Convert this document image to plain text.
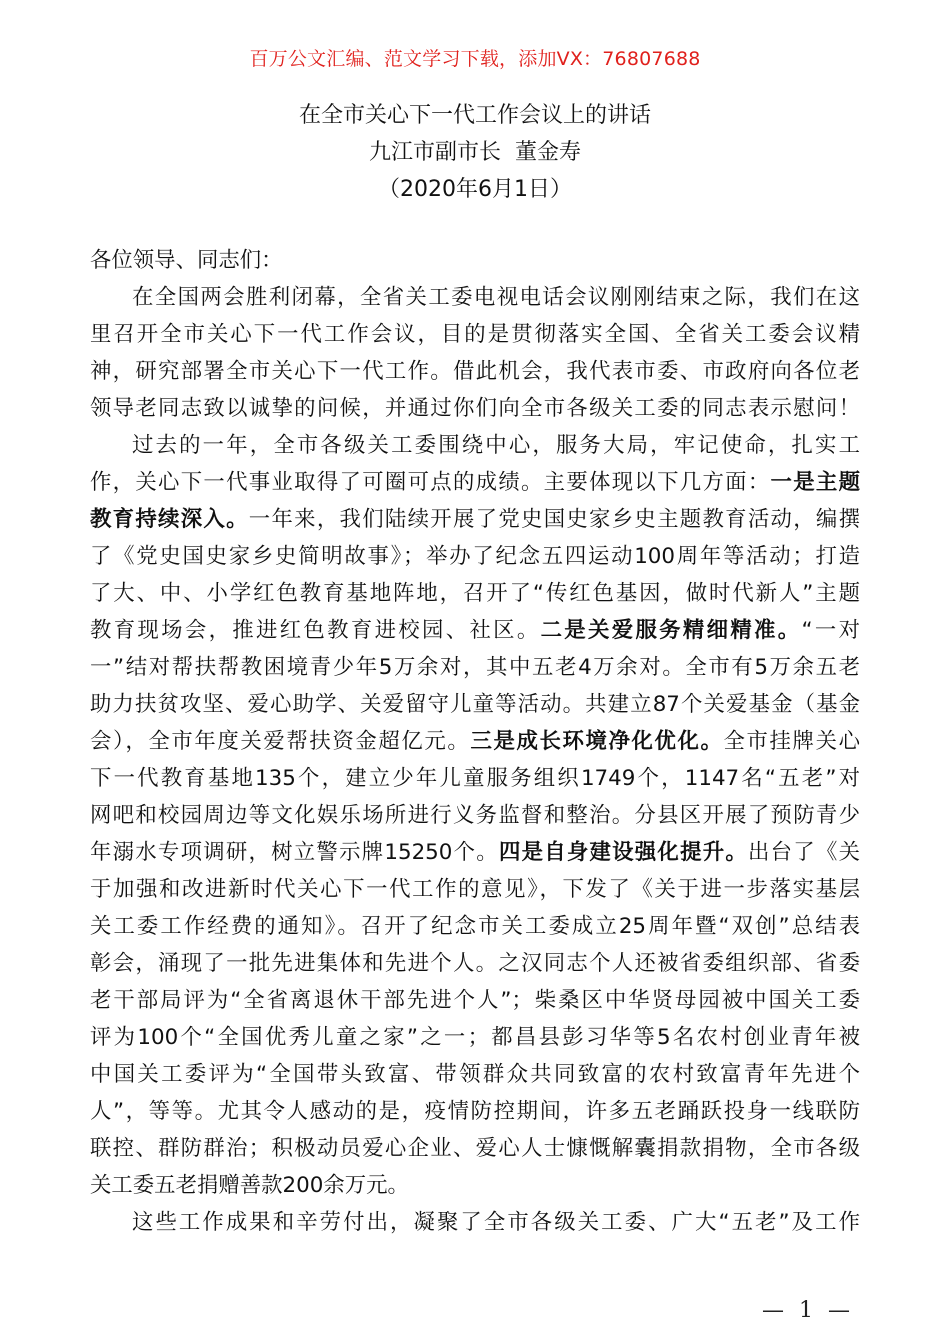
百万公文汇编、范文学习下载，添加VX：76807688
在全市关心下一代工作会议上的讲话
九江市副市长  董金寿
（2020年6月1日）
各位领导、同志们：
在全国两会胜利闭幕，全省关工委电视电话会议刚刚结束之际，我们在这
里召开全市关心下一代工作会议，目的是贯彻落实全国、全省关工委会议精
神，研究部署全市关心下一代工作。借此机会，我代表市委、市政府向各位老
领导老同志致以诚挚的问候，并通过你们向全市各级关工委的同志表示慰问！
过去的一年，全市各级关工委围绕中心，服务大局，牢记使命，扎实工
作，关心下一代事业取得了可圈可点的成绩。主要体现以下几方面：一是主题
教育持续深入。一年来，我们陆续开展了党史国史家乡史主题教育活动，编撰
了《党史国史家乡史简明故事》；举办了纪念五四运动100周年等活动；打造
了大、中、小学红色教育基地阵地，召开了“传红色基因，做时代新人”主题
教育现场会，推进红色教育进校园、社区。二是关爱服务精细精准。“一对
一”结对帮扶帮教困境青少年5万余对，其中五老4万余对。全市有5万余五老
助力扶贫攻坚、爱心助学、关爱留守儿童等活动。共建立87个关爱基金（基金
会），全市年度关爱帮扶资金超亿元。三是成长环境净化优化。全市挂牌关心
下一代教育基地135个，建立少年儿童服务组织1749个，1147名“五老”对
网吧和校园周边等文化娱乐场所进行义务监督和整治。分县区开展了预防青少
年溺水专项调研，树立警示牌15250个。四是自身建设强化提升。出台了《关
于加强和改进新时代关心下一代工作的意见》，下发了《关于进一步落实基层
关工委工作经费的通知》。召开了纪念市关工委成立25周年暨“双创”总结表
彰会，涌现了一批先进集体和先进个人。之汉同志个人还被省委组织部、省委
老干部局评为“全省离退休干部先进个人”；柴桑区中华贤母园被中国关工委
评为100个“全国优秀儿童之家”之一；都昌县彭习华等5名农村创业青年被
中国关工委评为“全国带头致富、带领群众共同致富的农村致富青年先进个
人”，等等。尤其令人感动的是，疫情防控期间，许多五老踊跃投身一线联防
联控、群防群治；积极动员爱心企业、爱心人士慷慨解囊捐款捐物，全市各级
关工委五老捐赠善款200余万元。
这些工作成果和辛劳付出，凝聚了全市各级关工委、广大“五老”及工作
— 1 —
